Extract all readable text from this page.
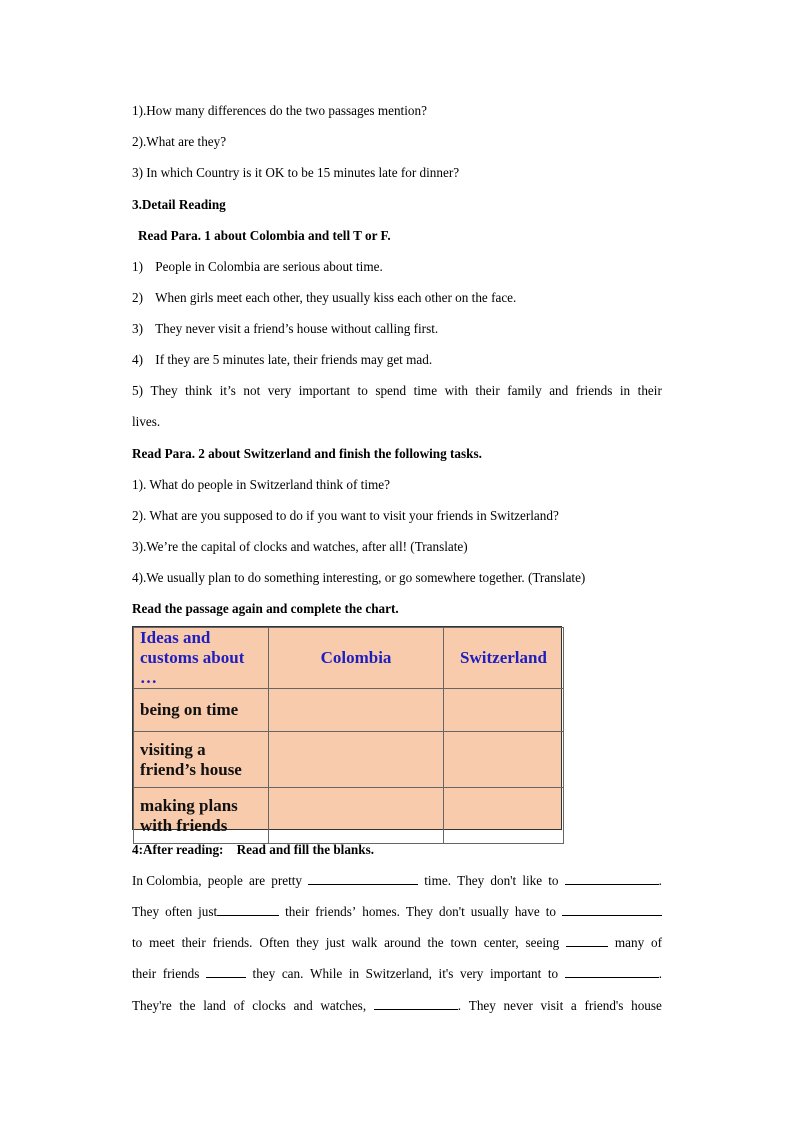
1).How many differences do the two passages mention?
2).What are they?
3) In which Country is it OK to be 15 minutes late for dinner?
3.Detail Reading
Read Para. 1 about Colombia and tell T or F.
1) People in Colombia are serious about time.
2) When girls meet each other, they usually kiss each other on the face.
3) They never visit a friend’s house without calling first.
4) If they are 5 minutes late, their friends may get mad.
5) They think it’s not very important to spend time with their family and friends in their
lives.
Read Para. 2 about Switzerland and finish the following tasks.
1). What do people in Switzerland think of time?
2). What are you supposed to do if you want to visit your friends in Switzerland?
3).We’re the capital of clocks and watches, after all! (Translate)
4).We usually plan to do something interesting, or go somewhere together. (Translate)
Read the passage again and complete the chart.
Ideas and customs about …	Colombia	Switzerland
being on time		
visiting a friend’s house		
making plans with friends		
4:After reading:    Read and fill the blanks.
In Colombia, people are pretty	time. They don't like to	.
They often just	their friends’ homes. They don't usually have to
to meet their friends. Often they just walk around the town center, seeing	many of
their friends	they can. While in Switzerland, it's very important to	.
They're the land of clocks and watches,	. They never visit a friend's house
